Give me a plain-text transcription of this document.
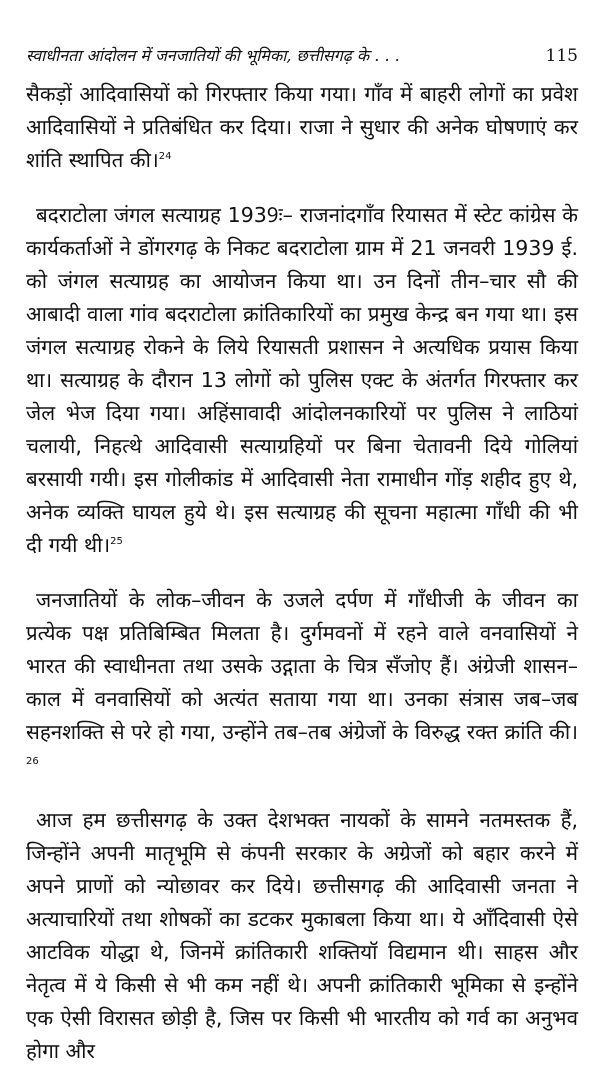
स्वाधीनता आंदोलन में जनजातियों की भूमिका, छत्तीसगढ़ के . . .	115

सैकड़ों आदिवासियों को गिरफ्तार किया गया। गाँव में बाहरी लोगों का प्रवेश आदिवासियों ने प्रतिबंधित कर दिया। राजा ने सुधार की अनेक घोषणाएं कर शांति स्थापित की।$^{24}$

बदराटोला जंगल सत्याग्रह 1939ः– राजनांदगाँव रियासत में स्टेट कांग्रेस के कार्यकर्ताओं ने डोंगरगढ़ के निकट बदराटोला ग्राम में 21 जनवरी 1939 ई. को जंगल सत्याग्रह का आयोजन किया था। उन दिनों तीन–चार सौ की आबादी वाला गांव बदराटोला क्रांतिकारियों का प्रमुख केन्द्र बन गया था। इस जंगल सत्याग्रह रोकने के लिये रियासती प्रशासन ने अत्यधिक प्रयास किया था। सत्याग्रह के दौरान 13 लोगों को पुलिस एक्ट के अंतर्गत गिरफ्तार कर जेल भेज दिया गया। अहिंसावादी आंदोलनकारियों पर पुलिस ने लाठियां चलायी, निहत्थे आदिवासी सत्याग्रहियों पर बिना चेतावनी दिये गोलियां बरसायी गयी। इस गोलीकांड में आदिवासी नेता रामाधीन गोंड़ शहीद हुए थे, अनेक व्यक्ति घायल हुये थे। इस सत्याग्रह की सूचना महात्मा गाँधी की भी दी गयी थी।$^{25}$

जनजातियों के लोक–जीवन के उजले दर्पण में गाँधीजी के जीवन का प्रत्येक पक्ष प्रतिबिम्बित मिलता है। दुर्गमवनों में रहने वाले वनवासियों ने भारत की स्वाधीनता तथा उसके उद्गाता के चित्र सँजोए हैं। अंग्रेजी शासन–काल में वनवासियों को अत्यंत सताया गया था। उनका संत्रास जब–जब सहनशक्ति से परे हो गया, उन्होंने तब–तब अंग्रेजों के विरुद्ध रक्त क्रांति की।$^{26}$

आज हम छत्तीसगढ़ के उक्त देशभक्त नायकों के सामने नतमस्तक हैं, जिन्होंने अपनी मातृभूमि से कंपनी सरकार के अग्रेजों को बहार करने में अपने प्राणों को न्योछावर कर दिये। छत्तीसगढ़ की आदिवासी जनता ने अत्याचारियों तथा शोषकों का डटकर मुकाबला किया था। ये आँदिवासी ऐसे आटविक योद्धा थे, जिनमें क्रांतिकारी शक्तियॉ विद्यमान थी। साहस और नेतृत्व में ये किसी से भी कम नहीं थे। अपनी क्रांतिकारी भूमिका से इन्होंने एक ऐसी विरासत छोड़ी है, जिस पर किसी भी भारतीय को गर्व का अनुभव होगा और
